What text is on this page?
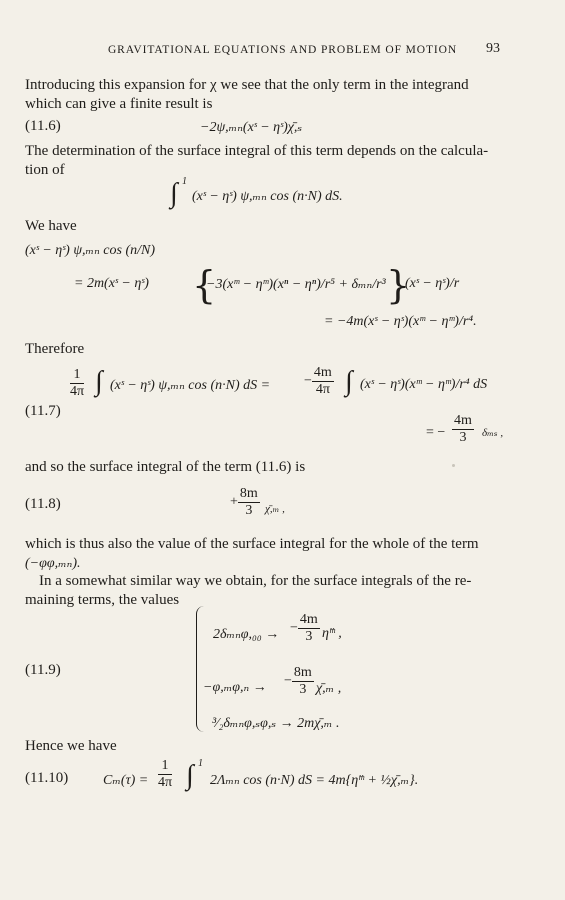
GRAVITATIONAL EQUATIONS AND PROBLEM OF MOTION	93
Introducing this expansion for χ we see that the only term in the integrand
which can give a finite result is
(11.6)	−2ψ,ₘₙ(xˢ − ηˢ)χ̄,ₛ
The determination of the surface integral of this term depends on the calcula-
tion of
∫ 1
(xˢ − ηˢ) ψ,ₘₙ cos (n·N) dS.
We have
(xˢ − ηˢ) ψ,ₘₙ cos (n/N)
= 2m(xˢ − ηˢ) {
−3(xᵐ − ηᵐ)(xⁿ − ηⁿ)/r⁵ + δₘₙ/r³ }
(xˢ − ηˢ)/r
= −4m(xˢ − ηˢ)(xᵐ − ηᵐ)/r⁴.
Therefore
$\frac{1}{4\pi}$ ∫ (xˢ − ηˢ) ψ,ₘₙ cos (n·N) dS = − $\frac{4m}{4\pi}$ ∫ (xˢ − ηˢ)(xᵐ − ηᵐ)/r⁴ dS
(11.7)
= − $\frac{4m}{3}$ δₘₛ ,
and so the surface integral of the term (11.6) is
(11.8)	+ $\frac{8m}{3}$ χ̄,ₘ ,
which is thus also the value of the surface integral for the whole of the term
(−φφ,ₘₙ).
In a somewhat similar way we obtain, for the surface integrals of the re-
maining terms, the values
2δₘₙφ,₀₀ → − $\frac{4m}{3}$ η̈ᵐ ,
(11.9)
−φ,ₘφ,ₙ → − $\frac{8m}{3}$ χ̄,ₘ ,
³⁄₂δₘₙφ,ₛφ,ₛ → 2mχ̄,ₘ .
Hence we have
(11.10) $C_m(\tau) = \frac{1}{4\pi}$ ∫ 1
2Λₘₙ cos (n·N) dS = 4m{η̈ᵐ + ½χ̄,ₘ}.
